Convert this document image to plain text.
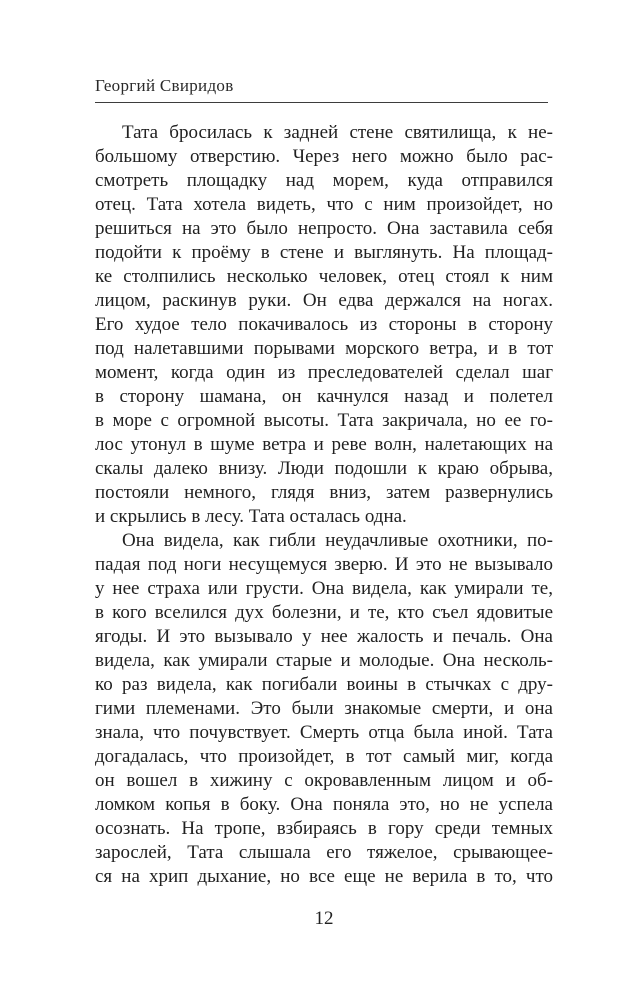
Георгий Свиридов
Тата бросилась к задней стене святилища, к не-
большому отверстию. Через него можно было рас-
смотреть площадку над морем, куда отправился
отец. Тата хотела видеть, что с ним произойдет, но
решиться на это было непросто. Она заставила себя
подойти к проёму в стене и выглянуть. На площад-
ке столпились несколько человек, отец стоял к ним
лицом, раскинув руки. Он едва держался на ногах.
Его худое тело покачивалось из стороны в сторону
под налетавшими порывами морского ветра, и в тот
момент, когда один из преследователей сделал шаг
в сторону шамана, он качнулся назад и полетел
в море с огромной высоты. Тата закричала, но ее го-
лос утонул в шуме ветра и реве волн, налетающих на
скалы далеко внизу. Люди подошли к краю обрыва,
постояли немного, глядя вниз, затем развернулись
и скрылись в лесу. Тата осталась одна.
Она видела, как гибли неудачливые охотники, по-
падая под ноги несущемуся зверю. И это не вызывало
у нее страха или грусти. Она видела, как умирали те,
в кого вселился дух болезни, и те, кто съел ядовитые
ягоды. И это вызывало у нее жалость и печаль. Она
видела, как умирали старые и молодые. Она несколь-
ко раз видела, как погибали воины в стычках с дру-
гими племенами. Это были знакомые смерти, и она
знала, что почувствует. Смерть отца была иной. Тата
догадалась, что произойдет, в тот самый миг, когда
он вошел в хижину с окровавленным лицом и об-
ломком копья в боку. Она поняла это, но не успела
осознать. На тропе, взбираясь в гору среди темных
зарослей, Тата слышала его тяжелое, срывающее-
ся на хрип дыхание, но все еще не верила в то, что
12
